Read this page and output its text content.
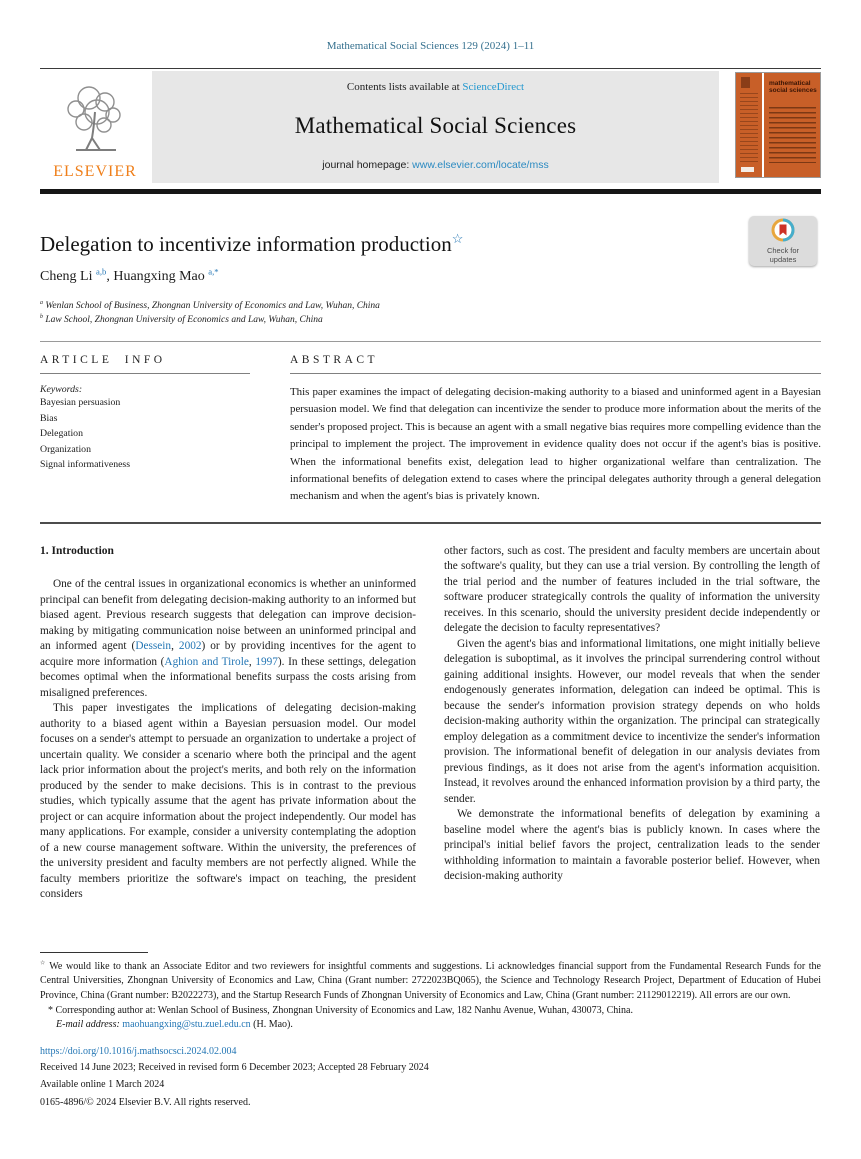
Mathematical Social Sciences 129 (2024) 1–11
ELSEVIER
Contents lists available at ScienceDirect
Mathematical Social Sciences
journal homepage: www.elsevier.com/locate/mss
mathematical social sciences
Check for
updates
Delegation to incentivize information production☆
Cheng Li $^{a,b}$, Huangxing Mao $^{a,*}$
$^a$ Wenlan School of Business, Zhongnan University of Economics and Law, Wuhan, China
$^b$ Law School, Zhongnan University of Economics and Law, Wuhan, China
ARTICLE INFO
Keywords:
Bayesian persuasion
Bias
Delegation
Organization
Signal informativeness
ABSTRACT
This paper examines the impact of delegating decision-making authority to a biased and uninformed agent in a Bayesian persuasion model. We find that delegation can incentivize the sender to produce more information about the merits of the sender's proposed project. This is because an agent with a small negative bias requires more compelling evidence than the principal to implement the project. The improvement in evidence quality does not occur if the agent's bias is positive. When the informational benefits exist, delegation lead to higher organizational welfare than centralization. The informational benefits of delegation extend to cases where the principal delegates authority through a general delegation mechanism and when the agent's bias is privately known.
1. Introduction

One of the central issues in organizational economics is whether an uninformed principal can benefit from delegating decision-making authority to an informed but biased agent. Previous research suggests that delegation can improve decision-making by mitigating communication noise between an uninformed principal and an informed agent (Dessein, 2002) or by providing incentives for the agent to acquire more information (Aghion and Tirole, 1997). In these settings, delegation becomes optimal when the informational benefits surpass the costs arising from misaligned preferences.

This paper investigates the implications of delegating decision-making authority to a biased agent within a Bayesian persuasion model. Our model focuses on a sender's attempt to persuade an organization to undertake a project of uncertain quality. We consider a scenario where both the principal and the agent lack prior information about the project's merits, and both rely on the information produced by the sender to make decisions. This is in contrast to the previous studies, which typically assume that the agent has private information about the project or can acquire information about the project independently. Our model has many applications. For example, consider a university contemplating the adoption of a new course management software. Within the university, the preferences of the university president and faculty members are not perfectly aligned. While the faculty members prioritize the software's impact on teaching, the president considers

other factors, such as cost. The president and faculty members are uncertain about the software's quality, but they can use a trial version. By controlling the length of the trial period and the number of features included in the trial software, the software producer strategically controls the quality of information the university receives. In this scenario, should the university president decide independently or delegate the decision to faculty representatives?

Given the agent's bias and informational limitations, one might initially believe delegation is suboptimal, as it involves the principal surrendering control without gaining additional insights. However, our model reveals that when the sender endogenously generates information, delegation can indeed be optimal. This is because the sender's information provision strategy depends on who holds decision-making authority within the organization. The principal can strategically employ delegation as a commitment device to incentivize the sender's information provision. The informational benefit of delegation in our analysis deviates from previous findings, as it does not arise from the agent's information acquisition. Instead, it revolves around the enhanced information provision by a third party, the sender.

We demonstrate the informational benefits of delegation by examining a baseline model where the agent's bias is publicly known. In cases where the principal's initial belief favors the project, centralization leads to the sender withholding information to maintain a favorable posterior belief. However, when decision-making authority

☆ We would like to thank an Associate Editor and two reviewers for insightful comments and suggestions. Li acknowledges financial support from the Fundamental Research Funds for the Central Universities, Zhongnan University of Economics and Law, China (Grant number: 2722023BQ065), the Science and Technology Research Project, Department of Education of Hubei Province, China (Grant number: B2022273), and the Startup Research Funds of Zhongnan University of Economics and Law, China (Grant number: 21129012219). All errors are our own.
* Corresponding author at: Wenlan School of Business, Zhongnan University of Economics and Law, 182 Nanhu Avenue, Wuhan, 430073, China.
E-mail address: maohuangxing@stu.zuel.edu.cn (H. Mao).
https://doi.org/10.1016/j.mathsocsci.2024.02.004
Received 14 June 2023; Received in revised form 6 December 2023; Accepted 28 February 2024
Available online 1 March 2024
0165-4896/© 2024 Elsevier B.V. All rights reserved.
